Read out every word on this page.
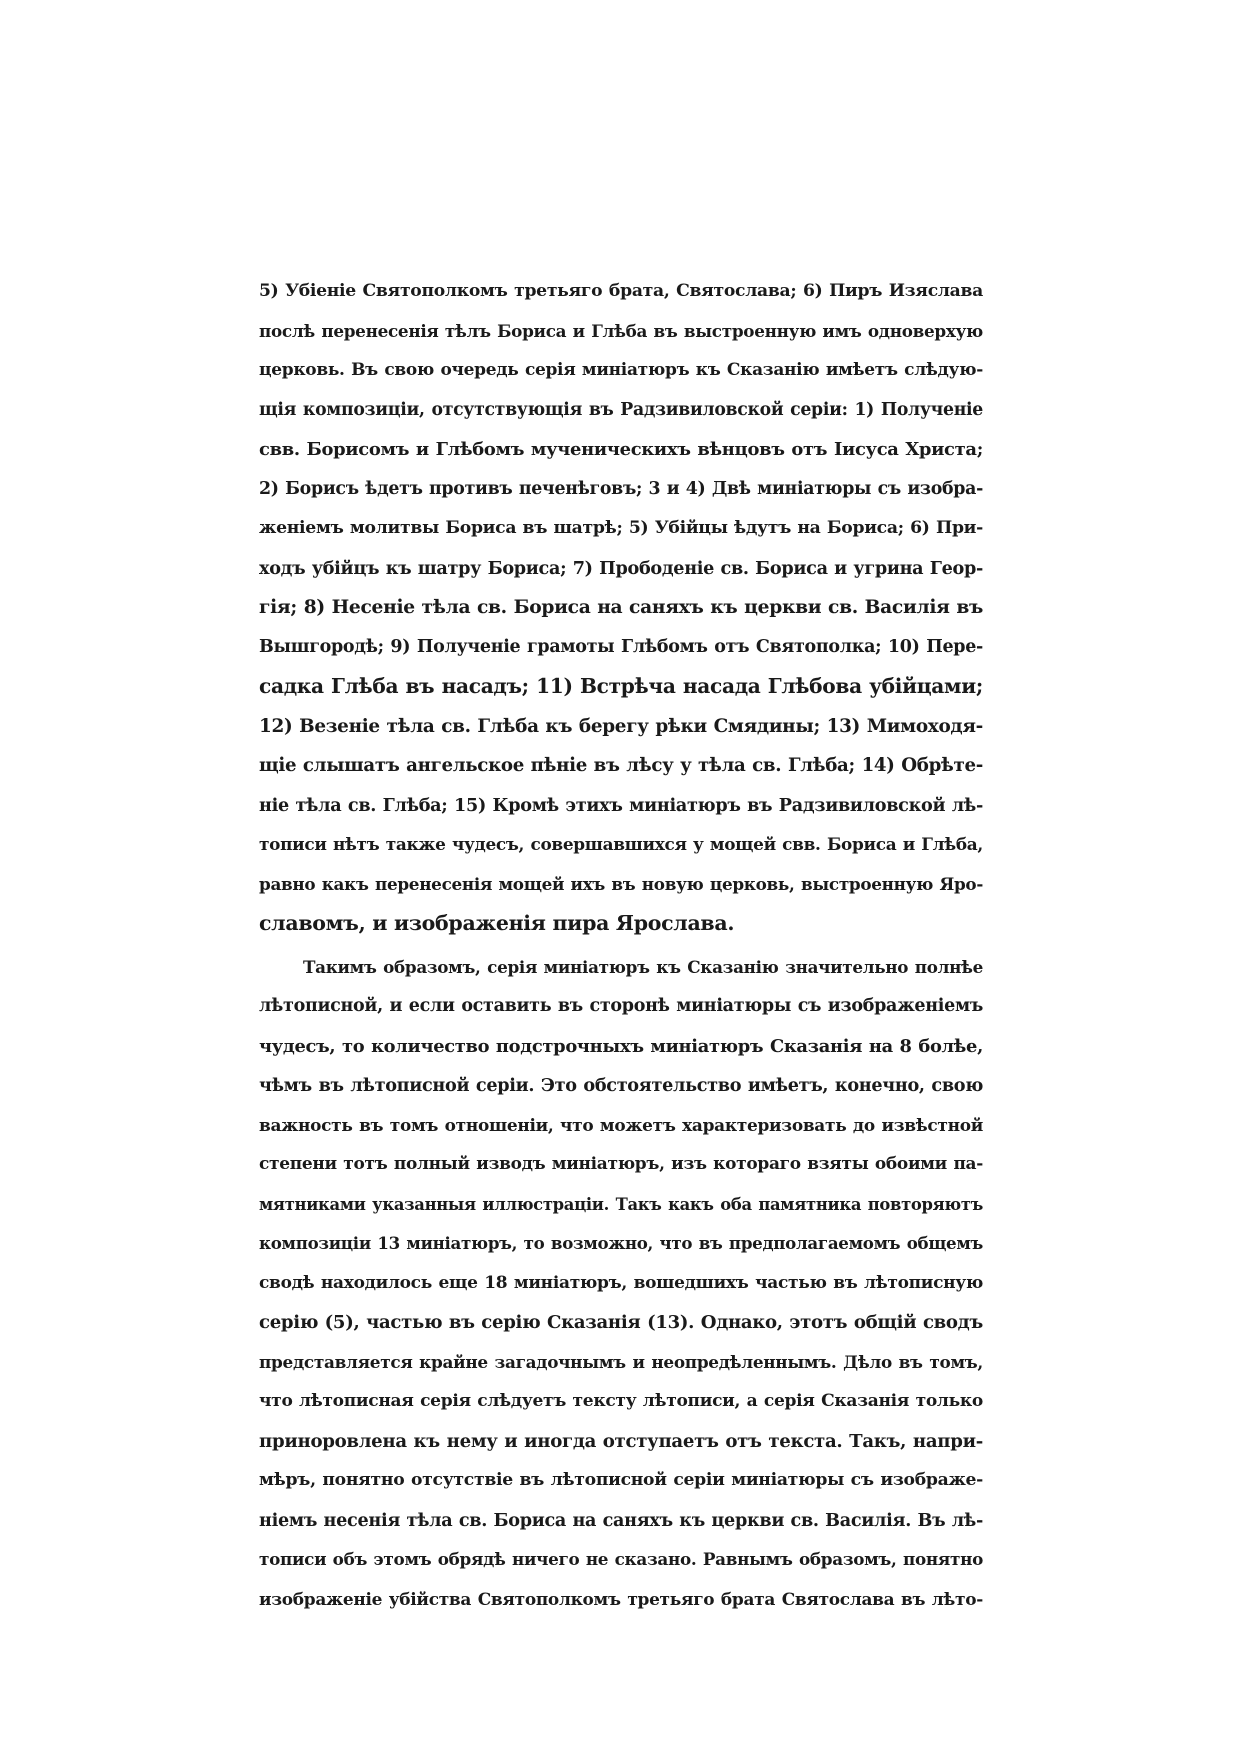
5) Убіеніе Святополкомъ третьяго брата, Святослава; 6) Пиръ Изяслава
послѣ перенесенія тѣлъ Бориса и Глѣба въ выстроенную имъ одноверхую
церковь. Въ свою очередь серія миніатюръ къ Сказанію имѣетъ слѣдую-
щія композиціи, отсутствующія въ Радзивиловской серіи: 1) Полученіе
свв. Борисомъ и Глѣбомъ мученическихъ вѣнцовъ отъ Іисуса Христа;
2) Борисъ ѣдетъ противъ печенѣговъ; 3 и 4) Двѣ миніатюры съ изобра-
женіемъ молитвы Бориса въ шатрѣ; 5) Убійцы ѣдутъ на Бориса; 6) При-
ходъ убійцъ къ шатру Бориса; 7) Прободеніе св. Бориса и угрина Геор-
гія; 8) Несеніе тѣла св. Бориса на саняхъ къ церкви св. Василія въ
Вышгородѣ; 9) Полученіе грамоты Глѣбомъ отъ Святополка; 10) Пере-
садка Глѣба въ насадъ; 11) Встрѣча насада Глѣбова убійцами;
12) Везеніе тѣла св. Глѣба къ берегу рѣки Смядины; 13) Мимоходя-
щіе слышатъ ангельское пѣніе въ лѣсу у тѣла св. Глѣба; 14) Обрѣте-
ніе тѣла св. Глѣба; 15) Кромѣ этихъ миніатюръ въ Радзивиловской лѣ-
тописи нѣтъ также чудесъ, совершавшихся у мощей свв. Бориса и Глѣба,
равно какъ перенесенія мощей ихъ въ новую церковь, выстроенную Яро-
славомъ, и изображенія пира Ярослава.
Такимъ образомъ, серія миніатюръ къ Сказанію значительно полнѣе
лѣтописной, и если оставить въ сторонѣ миніатюры съ изображеніемъ
чудесъ, то количество подстрочныхъ миніатюръ Сказанія на 8 болѣе,
чѣмъ въ лѣтописной серіи. Это обстоятельство имѣетъ, конечно, свою
важность въ томъ отношеніи, что можетъ характеризовать до извѣстной
степени тотъ полный изводъ миніатюръ, изъ котораго взяты обоими па-
мятниками указанныя иллюстраціи. Такъ какъ оба памятника повторяютъ
композиціи 13 миніатюръ, то возможно, что въ предполагаемомъ общемъ
сводѣ находилось еще 18 миніатюръ, вошедшихъ частью въ лѣтописную
серію (5), частью въ серію Сказанія (13). Однако, этотъ общій сводъ
представляется крайне загадочнымъ и неопредѣленнымъ. Дѣло въ томъ,
что лѣтописная серія слѣдуетъ тексту лѣтописи, а серія Сказанія только
приноровлена къ нему и иногда отступаетъ отъ текста. Такъ, напри-
мѣръ, понятно отсутствіе въ лѣтописной серіи миніатюры съ изображе-
ніемъ несенія тѣла св. Бориса на саняхъ къ церкви св. Василія. Въ лѣ-
тописи объ этомъ обрядѣ ничего не сказано. Равнымъ образомъ, понятно
изображеніе убійства Святополкомъ третьяго брата Святослава въ лѣто-
